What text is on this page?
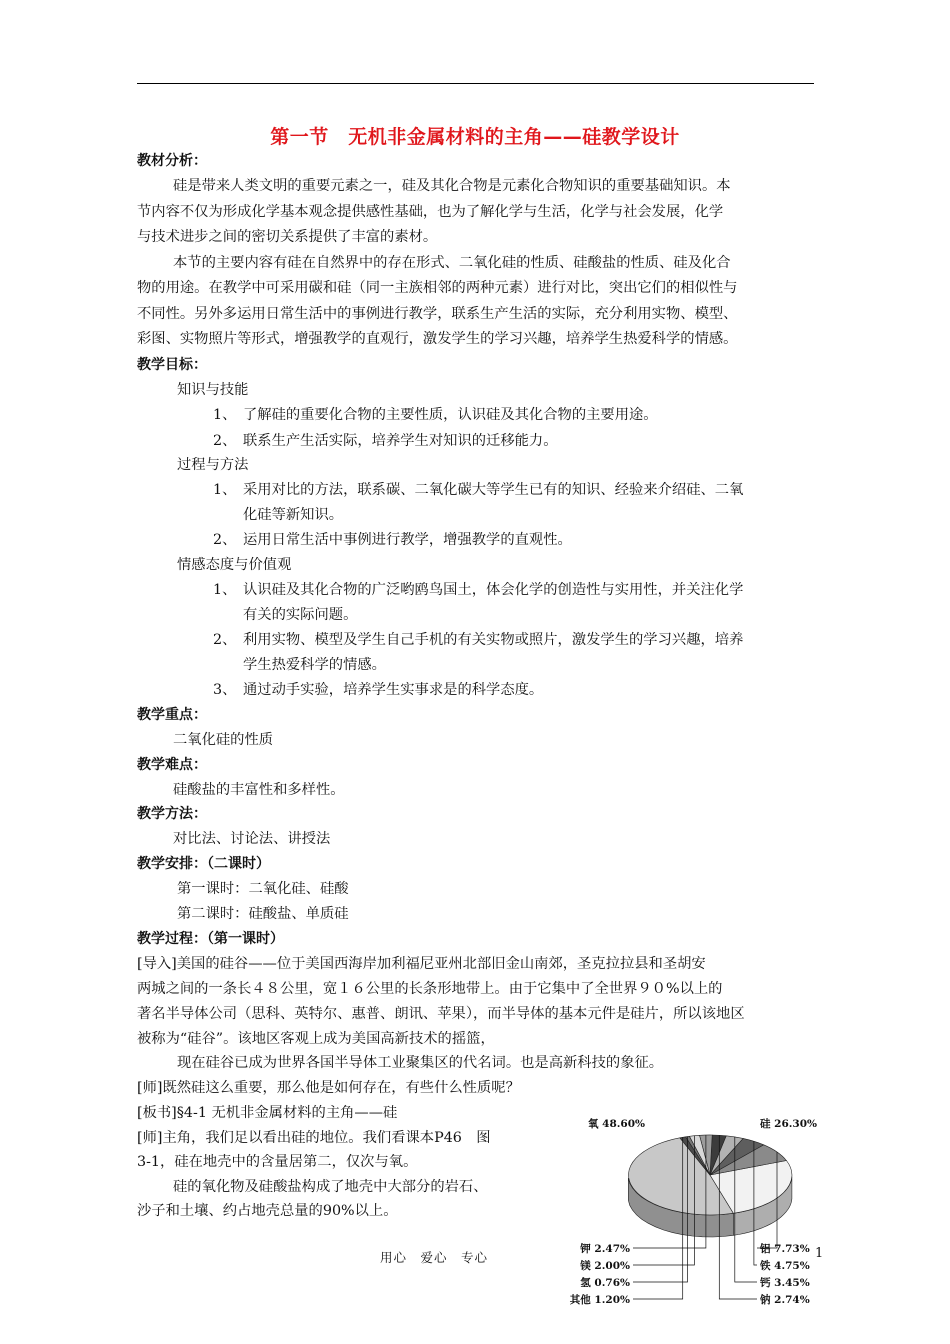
第一节　无机非金属材料的主角——硅教学设计
教材分析：
硅是带来人类文明的重要元素之一，硅及其化合物是元素化合物知识的重要基础知识。本
节内容不仅为形成化学基本观念提供感性基础，也为了解化学与生活，化学与社会发展，化学
与技术进步之间的密切关系提供了丰富的素材。
本节的主要内容有硅在自然界中的存在形式、二氧化硅的性质、硅酸盐的性质、硅及化合
物的用途。在教学中可采用碳和硅（同一主族相邻的两种元素）进行对比，突出它们的相似性与
不同性。另外多运用日常生活中的事例进行教学，联系生产生活的实际，充分利用实物、模型、
彩图、实物照片等形式，增强教学的直观行，激发学生的学习兴趣，培养学生热爱科学的情感。
教学目标：
知识与技能
1、 了解硅的重要化合物的主要性质，认识硅及其化合物的主要用途。
2、 联系生产生活实际，培养学生对知识的迁移能力。
过程与方法
1、 采用对比的方法，联系碳、二氧化碳大等学生已有的知识、经验来介绍硅、二氧
化硅等新知识。
2、 运用日常生活中事例进行教学，增强教学的直观性。
情感态度与价值观
1、 认识硅及其化合物的广泛哟鸥鸟国土，体会化学的创造性与实用性，并关注化学
有关的实际问题。
2、 利用实物、模型及学生自己手机的有关实物或照片，激发学生的学习兴趣，培养
学生热爱科学的情感。
3、 通过动手实验，培养学生实事求是的科学态度。
教学重点：
二氧化硅的性质
教学难点：
硅酸盐的丰富性和多样性。
教学方法：
对比法、讨论法、讲授法
教学安排：（二课时）
第一课时：二氧化硅、硅酸
第二课时：硅酸盐、单质硅
教学过程：（第一课时）
[导入]美国的硅谷——位于美国西海岸加利福尼亚州北部旧金山南郊，圣克拉拉县和圣胡安
两城之间的一条长４８公里，宽１６公里的长条形地带上。由于它集中了全世界９０%以上的
著名半导体公司（思科、英特尔、惠普、朗讯、苹果），而半导体的基本元件是硅片，所以该地区
被称为“硅谷”。该地区客观上成为美国高新技术的摇篮，
现在硅谷已成为世界各国半导体工业聚集区的代名词。也是高新科技的象征。
[师]既然硅这么重要，那么他是如何存在，有些什么性质呢？
[板书]§4-1 无机非金属材料的主角——硅
[师]主角，我们足以看出硅的地位。我们看课本P46　图
3-1，硅在地壳中的含量居第二，仅次与氧。
硅的氧化物及硅酸盐构成了地壳中大部分的岩石、
沙子和土壤、约占地壳总量的90%以上。
氧 48.60%	硅 26.30%
铝 7.73%
铁 4.75%
钙 3.45%
钠 2.74%
钾 2.47%
镁 2.00%
氢 0.76%
其他 1.20%
用心　爱心　专心	1
